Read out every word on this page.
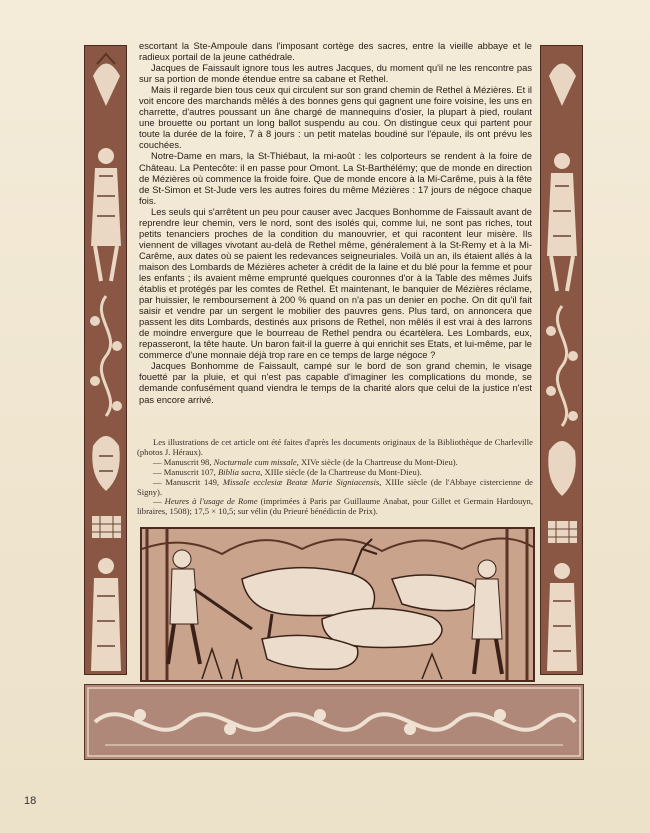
escortant la Ste-Ampoule dans l'imposant cortège des sacres, entre la vieille abbaye et le radieux portail de la jeune cathédrale.

Jacques de Faissault ignore tous les autres Jacques, du moment qu'il ne les rencontre pas sur sa portion de monde étendue entre sa cabane et Rethel.

Mais il regarde bien tous ceux qui circulent sur son grand chemin de Rethel à Mézières. Et il voit encore des marchands mêlés à des bonnes gens qui gagnent une foire voisine, les uns en charrette, d'autres poussant un âne chargé de mannequins d'osier, la plupart à pied, roulant une brouette ou portant un long ballot suspendu au cou. On distingue ceux qui partent pour toute la durée de la foire, 7 à 8 jours : un petit matelas boudiné sur l'épaule, ils ont prévu les couchées.

Notre-Dame en mars, la St-Thiébaut, la mi-août : les colporteurs se rendent à la foire de Château. La Pentecôte: il en passe pour Omont. La St-Barthélémy; que de monde en direction de Mézières où commence la froide foire. Que de monde encore à la Mi-Carême, puis à la fête de St-Simon et St-Jude vers les autres foires du même Mézières : 17 jours de négoce chaque fois.

Les seuls qui s'arrêtent un peu pour causer avec Jacques Bonhomme de Faissault avant de reprendre leur chemin, vers le nord, sont des isolés qui, comme lui, ne sont pas riches, tout petits tenanciers proches de la condition du manouvrier, et qui racontent leur misère. Ils viennent de villages vivotant au-delà de Rethel même, généralement à la St-Remy et à la Mi-Carême, aux dates où se paient les redevances seigneuriales. Voilà un an, ils étaient allés à la maison des Lombards de Mézières acheter à crédit de la laine et du blé pour la femme et pour les enfants ; ils avaient même emprunté quelques couronnes d'or à la Table des mêmes Juifs établis et protégés par les comtes de Rethel. Et maintenant, le banquier de Mézières réclame, par huissier, le remboursement à 200 % quand on n'a pas un denier en poche. On dit qu'il fait saisir et vendre par un sergent le mobilier des pauvres gens. Plus tard, on annoncera que passent les dits Lombards, destinés aux prisons de Rethel, non mêlés il est vrai à des larrons de moindre envergure que le bourreau de Rethel pendra ou écartèlera. Les Lombards, eux, repasseront, la tête haute. Un baron fait-il la guerre à qui enrichit ses Etats, et lui-même, par le commerce d'une monnaie déjà trop rare en ce temps de large négoce ?

Jacques Bonhomme de Faissault, campé sur le bord de son grand chemin, le visage fouetté par la pluie, et qui n'est pas capable d'imaginer les complications du monde, se demande confusément quand viendra le temps de la charité alors que celui de la justice n'est pas encore arrivé.

Les illustrations de cet article ont été faites d'après les documents originaux de la Bibliothèque de Charleville (photos J. Héraux).

— Manuscrit 98, Nocturnale cum missale, XIVe siècle (de la Chartreuse du Mont-Dieu).

— Manuscrit 107, Biblia sacra, XIIIe siècle (de la Chartreuse du Mont-Dieu).

— Manuscrit 149, Missale ecclesiæ Beatæ Marie Signiacensis, XIIIe siècle (de l'Abbaye cistercienne de Signy).

— Heures à l'usage de Rome (imprimées à Paris par Guillaume Anabat, pour Gillet et Germain Hardouyn, libraires, 1508); 17,5 × 10,5; sur vélin (du Prieuré bénédictin de Prix).

18
